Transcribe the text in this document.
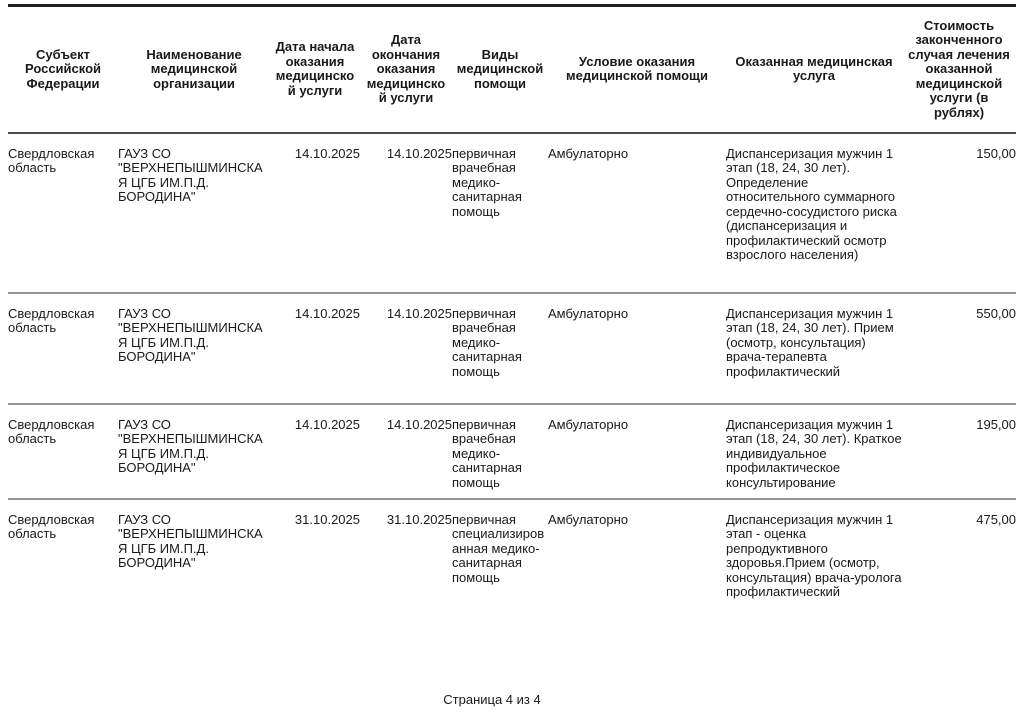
Субъект Российской Федерации	Наименование медицинской организации	Дата начала оказания медицинской услуги	Дата окончания оказания медицинской услуги	Виды медицинской помощи	Условие оказания медицинской помощи	Оказанная медицинская услуга	Стоимость законченного случая лечения оказанной медицинской услуги (в рублях)
Свердловская область	ГАУЗ СО "ВЕРХНЕПЫШМИНСКАЯ ЦГБ ИМ.П.Д. БОРОДИНА"	14.10.2025	14.10.2025	первичная врачебная медико-санитарная помощь	Амбулаторно	Диспансеризация мужчин 1 этап (18, 24, 30 лет). Определение относительного суммарного сердечно-сосудистого риска (диспансеризация и профилактический осмотр взрослого населения)	150,00
Свердловская область	ГАУЗ СО "ВЕРХНЕПЫШМИНСКАЯ ЦГБ ИМ.П.Д. БОРОДИНА"	14.10.2025	14.10.2025	первичная врачебная медико-санитарная помощь	Амбулаторно	Диспансеризация мужчин 1 этап (18, 24, 30 лет). Прием (осмотр, консультация) врача-терапевта профилактический	550,00
Свердловская область	ГАУЗ СО "ВЕРХНЕПЫШМИНСКАЯ ЦГБ ИМ.П.Д. БОРОДИНА"	14.10.2025	14.10.2025	первичная врачебная медико-санитарная помощь	Амбулаторно	Диспансеризация мужчин 1 этап (18, 24, 30 лет). Краткое индивидуальное профилактическое консультирование	195,00
Свердловская область	ГАУЗ СО "ВЕРХНЕПЫШМИНСКАЯ ЦГБ ИМ.П.Д. БОРОДИНА"	31.10.2025	31.10.2025	первичная специализированная медико-санитарная помощь	Амбулаторно	Диспансеризация мужчин 1 этап - оценка репродуктивного здоровья.Прием (осмотр, консультация) врача-уролога профилактический	475,00
Страница 4 из 4
